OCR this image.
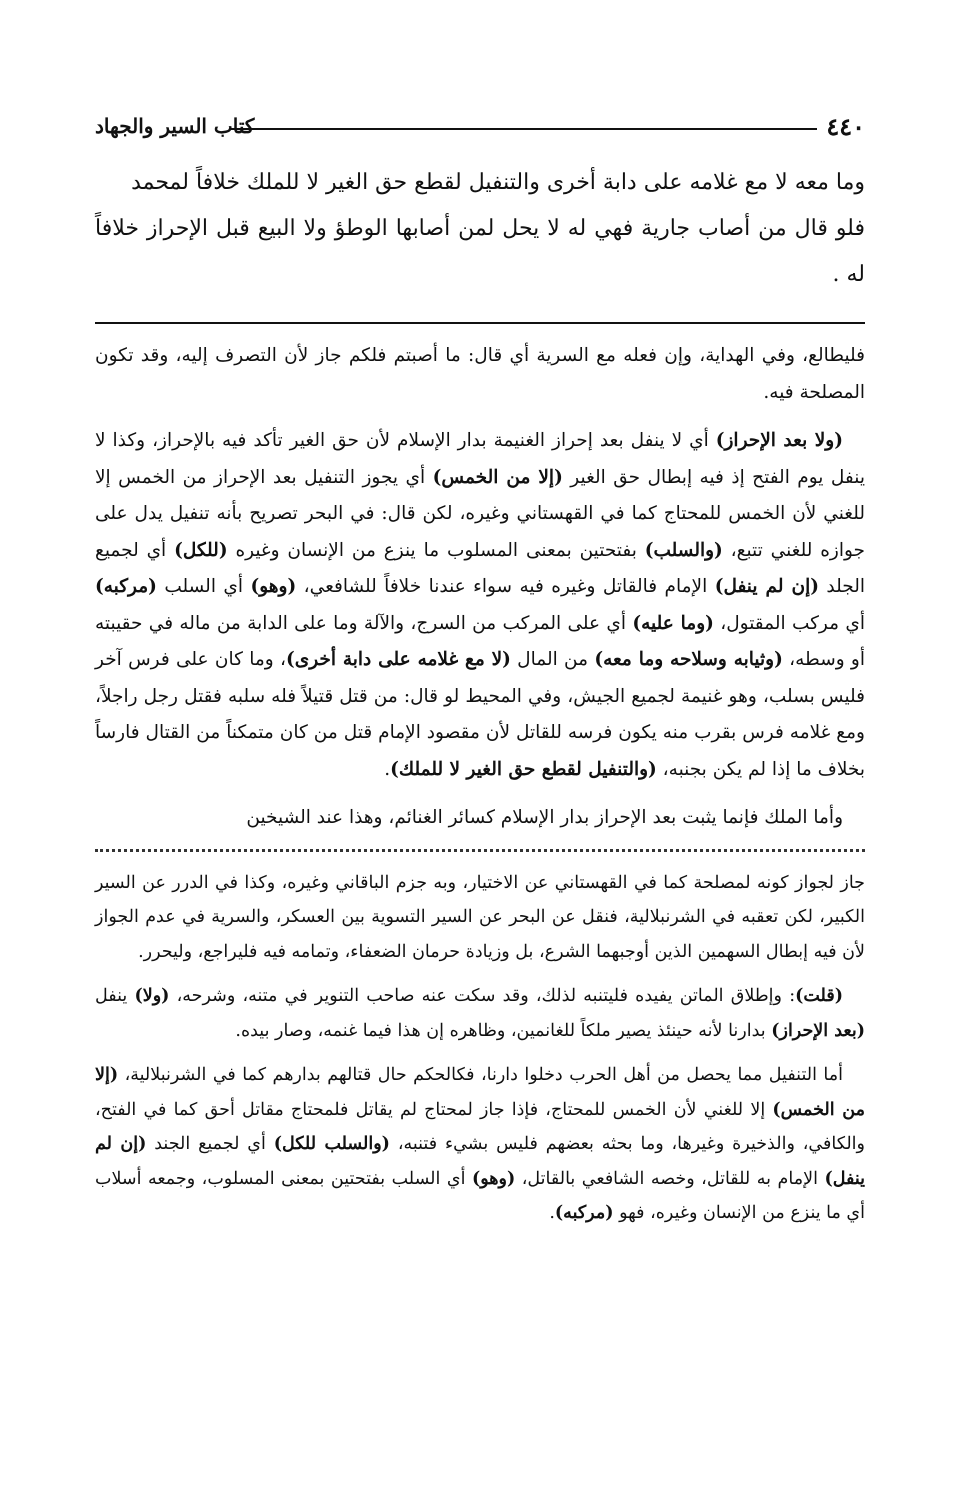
٤٤٠
كتاب السير والجهاد

وما معه لا مع غلامه على دابة أخرى والتنفيل لقطع حق الغير لا للملك خلافاً لمحمد

فلو قال من أصاب جارية فهي له لا يحل لمن أصابها الوطؤ ولا البيع قبل الإحراز خلافاً له .

فليطالع، وفي الهداية، وإن فعله مع السرية أي قال: ما أصبتم فلكم جاز لأن التصرف إليه، وقد تكون المصلحة فيه.

(ولا بعد الإحراز) أي لا ينفل بعد إحراز الغنيمة بدار الإسلام لأن حق الغير تأكد فيه بالإحراز، وكذا لا ينفل يوم الفتح إذ فيه إبطال حق الغير (إلا من الخمس) أي يجوز التنفيل بعد الإحراز من الخمس إلا للغني لأن الخمس للمحتاج كما في القهستاني وغيره، لكن قال: في البحر تصريح بأنه تنفيل يدل على جوازه للغني تتبع، (والسلب) بفتحتين بمعنى المسلوب ما ينزع من الإنسان وغيره (للكل) أي لجميع الجلد (إن لم ينفل) الإمام فالقاتل وغيره فيه سواء عندنا خلافاً للشافعي، (وهو) أي السلب (مركبه) أي مركب المقتول، (وما عليه) أي على المركب من السرج، والآلة وما على الدابة من ماله في حقيبته أو وسطه، (وثيابه وسلاحه وما معه) من المال (لا مع غلامه على دابة أخرى)، وما كان على فرس آخر فليس بسلب، وهو غنيمة لجميع الجيش، وفي المحيط لو قال: من قتل قتيلاً فله سلبه فقتل رجل راجلاً، ومع غلامه فرس بقرب منه يكون فرسه للقاتل لأن مقصود الإمام قتل من كان متمكناً من القتال فارساً بخلاف ما إذا لم يكن بجنبه، (والتنفيل لقطع حق الغير لا للملك).

وأما الملك فإنما يثبت بعد الإحراز بدار الإسلام كسائر الغنائم، وهذا عند الشيخين

جاز لجواز كونه لمصلحة كما في القهستاني عن الاختيار، وبه جزم الباقاني وغيره، وكذا في الدرر عن السير الكبير، لكن تعقبه في الشرنبلالية، فنقل عن البحر عن السير التسوية بين العسكر، والسرية في عدم الجواز لأن فيه إبطال السهمين الذين أوجبهما الشرع، بل وزيادة حرمان الضعفاء، وتمامه فيه فليراجع، وليحرر.

(قلت): وإطلاق الماتن يفيده فليتنبه لذلك، وقد سكت عنه صاحب التنوير في متنه، وشرحه، (ولا) ينفل (بعد الإحراز) بدارنا لأنه حينئذ يصير ملكاً للغانمين، وظاهره إن هذا فيما غنمه، وصار بيده.

أما التنفيل مما يحصل من أهل الحرب دخلوا دارنا، فكالحكم حال قتالهم بدارهم كما في الشرنبلالية، (إلا من الخمس) إلا للغني لأن الخمس للمحتاج، فإذا جاز لمحتاج لم يقاتل فلمحتاج مقاتل أحق كما في الفتح، والكافي، والذخيرة وغيرها، وما بحثه بعضهم فليس بشيء فتنبه، (والسلب للكل) أي لجميع الجند (إن لم ينفل) الإمام به للقاتل، وخصه الشافعي بالقاتل، (وهو) أي السلب بفتحتين بمعنى المسلوب، وجمعه أسلاب أي ما ينزع من الإنسان وغيره، فهو (مركبه).
